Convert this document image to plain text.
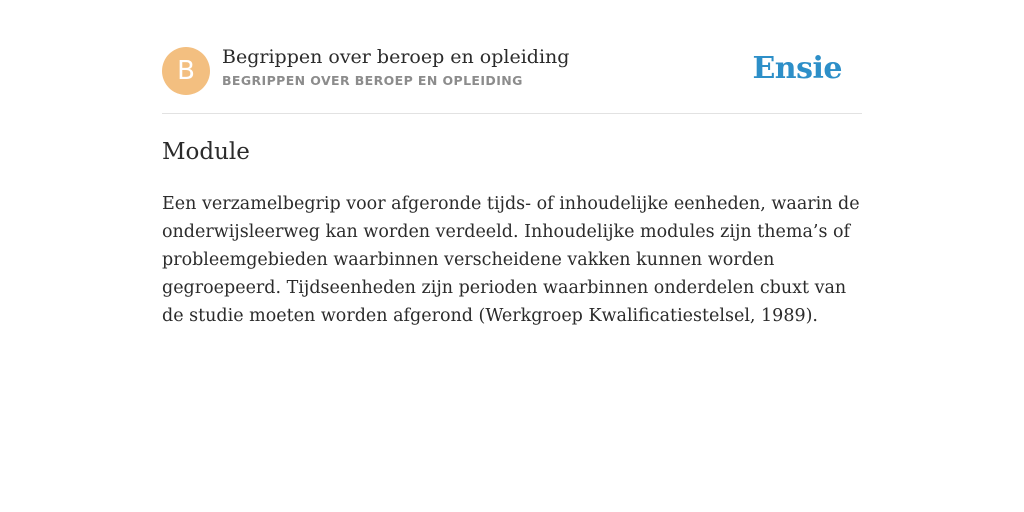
B	Begrippen over beroep en opleiding
BEGRIPPEN OVER BEROEP EN OPLEIDING	Ensie
Module

Een verzamelbegrip voor afgeronde tijds- of inhoudelijke eenheden, waarin de onderwijsleerweg kan worden verdeeld. Inhoudelijke modules zijn thema’s of probleemgebieden waarbinnen verscheidene vakken kunnen worden gegroepeerd. Tijdseenheden zijn perioden waarbinnen onderdelen cbuxt van de studie moeten worden afgerond (Werkgroep Kwalificatiestelsel, 1989).
